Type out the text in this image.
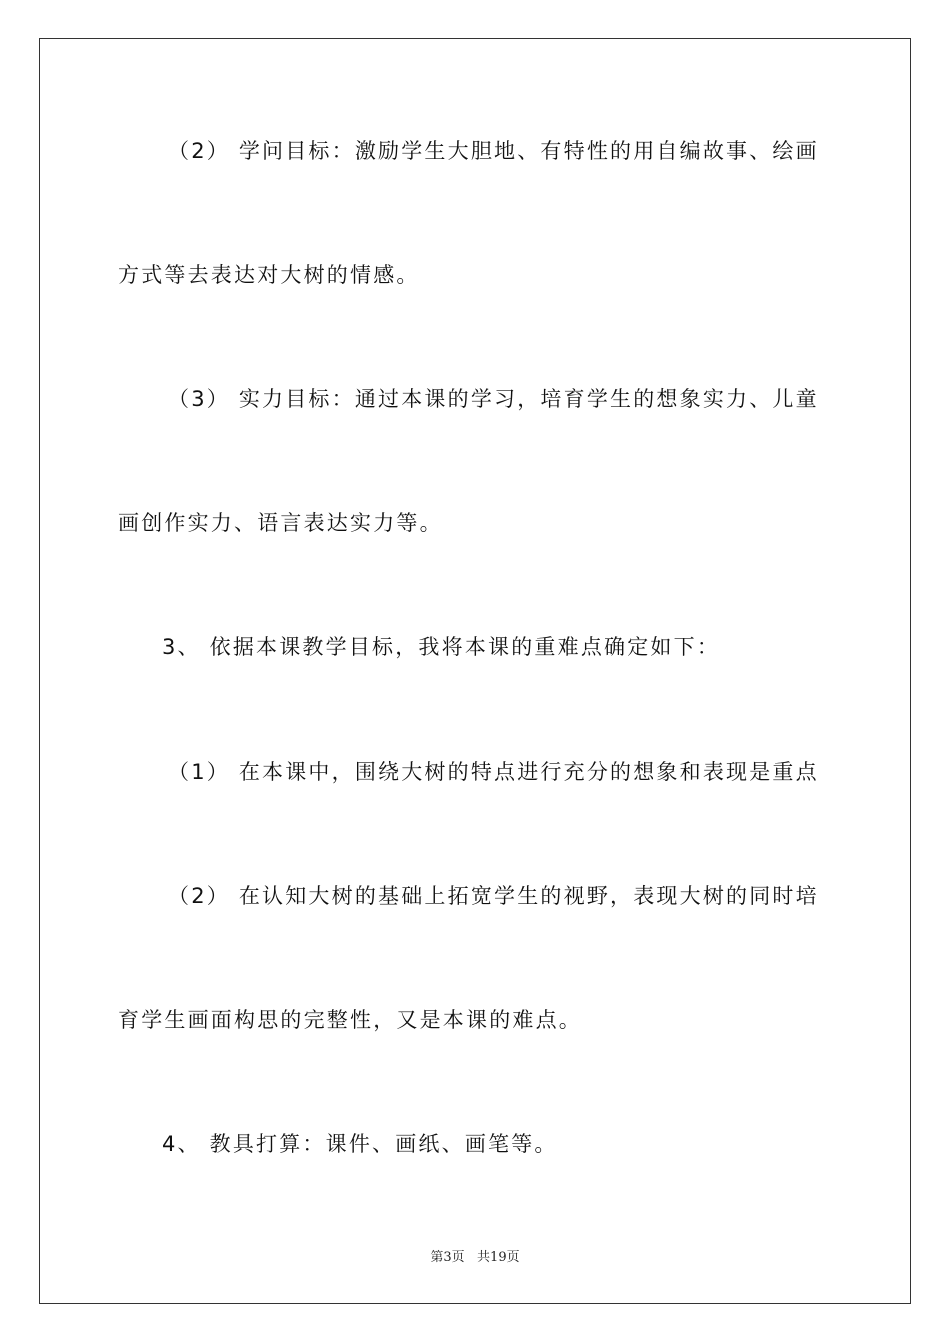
（2） 学问目标：激励学生大胆地、有特性的用自编故事、绘画
方式等去表达对大树的情感。
（3） 实力目标：通过本课的学习，培育学生的想象实力、儿童
画创作实力、语言表达实力等。
3、 依据本课教学目标，我将本课的重难点确定如下：
（1） 在本课中，围绕大树的特点进行充分的想象和表现是重点
（2） 在认知大树的基础上拓宽学生的视野，表现大树的同时培
育学生画面构思的完整性，又是本课的难点。
4、 教具打算：课件、画纸、画笔等。
第3页   共19页
